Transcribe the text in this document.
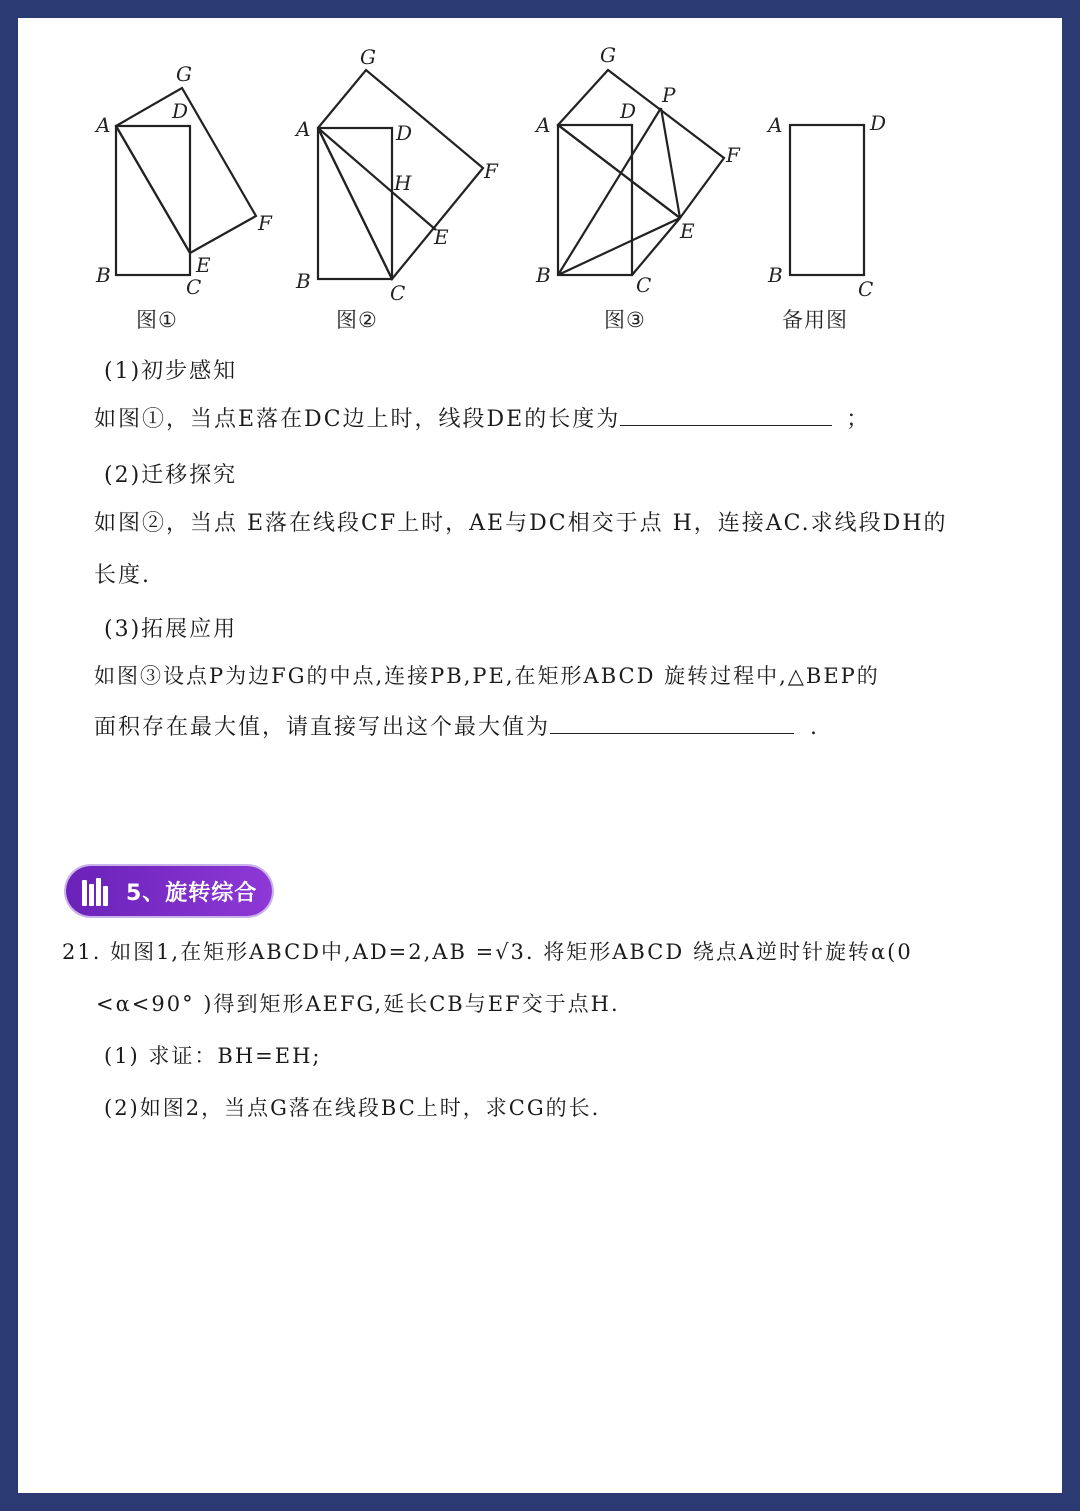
A
B	C
D
E
F
G
图①
A
B	C
D
E
F
G
H
图②
A
B	C
D
E
F
G
P
图③
A
B
C
D
备用图
(1)初步感知
如图①，当点E落在DC边上时，线段DE的长度为	；
(2)迁移探究
如图②，当点 E落在线段CF上时，AE与DC相交于点 H，连接AC.求线段DH的
长度.
(3)拓展应用
如图③设点P为边FG的中点,连接PB,PE,在矩形ABCD 旋转过程中,△BEP的
面积存在最大值，请直接写出这个最大值为	.
5、旋转综合
21. 如图1,在矩形ABCD中,AD=2,AB =√3. 将矩形ABCD 绕点A逆时针旋转α(0
<α<90° )得到矩形AEFG,延长CB与EF交于点H.
(1) 求证：BH=EH;
(2)如图2，当点G落在线段BC上时，求CG的长.
